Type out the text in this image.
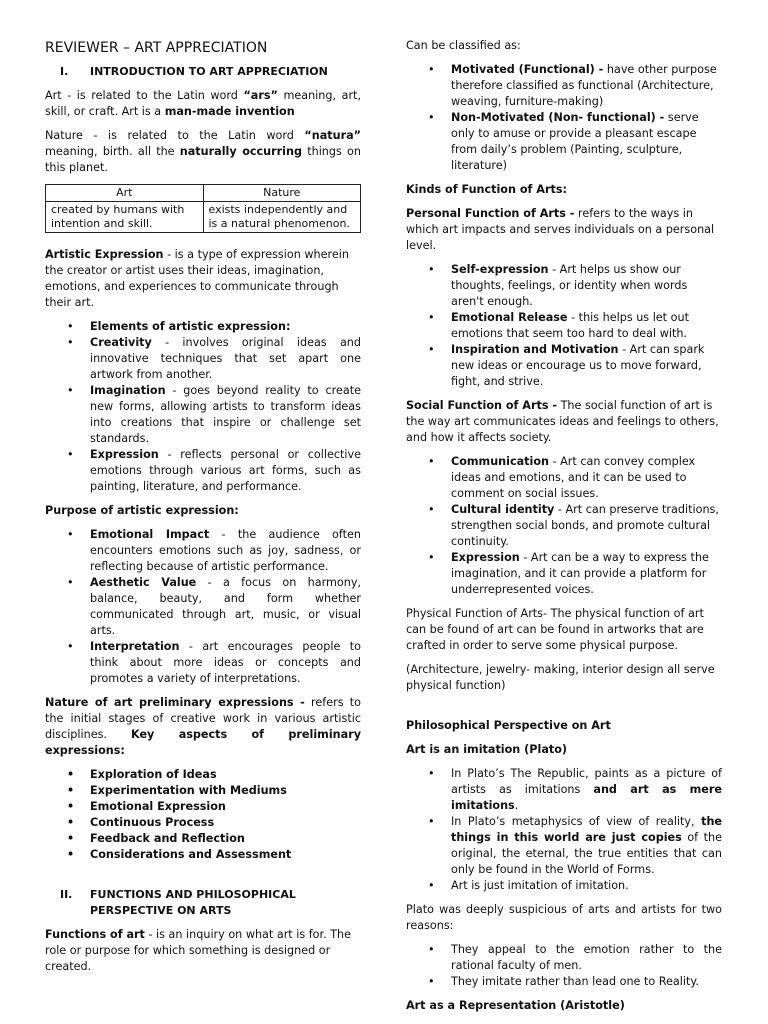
REVIEWER – ART APPRECIATION
I.	INTRODUCTION TO ART APPRECIATION

Art - is related to the Latin word “ars” meaning, art, skill, or craft. Art is a man-made invention

Nature - is related to the Latin word “natura” meaning, birth. all the naturally occurring things on this planet.

Art	Nature
created by humans with intention and skill.	exists independently and is a natural phenomenon.

Artistic Expression - is a type of expression wherein the creator or artist uses their ideas, imagination, emotions, and experiences to communicate through their art.

• Elements of artistic expression:
• Creativity - involves original ideas and innovative techniques that set apart one artwork from another.
• Imagination - goes beyond reality to create new forms, allowing artists to transform ideas into creations that inspire or challenge set standards.
• Expression - reflects personal or collective emotions through various art forms, such as painting, literature, and performance.

Purpose of artistic expression:

• Emotional Impact - the audience often encounters emotions such as joy, sadness, or reflecting because of artistic performance.
• Aesthetic Value - a focus on harmony, balance, beauty, and form whether communicated through art, music, or visual arts.
• Interpretation - art encourages people to think about more ideas or concepts and promotes a variety of interpretations.

Nature of art preliminary expressions - refers to the initial stages of creative work in various artistic disciplines. Key aspects of preliminary expressions:

• Exploration of Ideas
• Experimentation with Mediums
• Emotional Expression
• Continuous Process
• Feedback and Reflection
• Considerations and Assessment
II.	FUNCTIONS AND PHILOSOPHICAL PERSPECTIVE ON ARTS

Functions of art - is an inquiry on what art is for. The role or purpose for which something is designed or created.

Can be classified as:

• Motivated (Functional) - have other purpose therefore classified as functional (Architecture, weaving, furniture-making)
• Non-Motivated (Non- functional) - serve only to amuse or provide a pleasant escape from daily’s problem (Painting, sculpture, literature)

Kinds of Function of Arts:

Personal Function of Arts - refers to the ways in which art impacts and serves individuals on a personal level.

• Self-expression - Art helps us show our thoughts, feelings, or identity when words aren't enough.
• Emotional Release - this helps us let out emotions that seem too hard to deal with.
• Inspiration and Motivation - Art can spark new ideas or encourage us to move forward, fight, and strive.

Social Function of Arts - The social function of art is the way art communicates ideas and feelings to others, and how it affects society.

• Communication - Art can convey complex ideas and emotions, and it can be used to comment on social issues.
• Cultural identity - Art can preserve traditions, strengthen social bonds, and promote cultural continuity.
• Expression - Art can be a way to express the imagination, and it can provide a platform for underrepresented voices.

Physical Function of Arts- The physical function of art can be found of art can be found in artworks that are crafted in order to serve some physical purpose.

(Architecture, jewelry- making, interior design all serve physical function)

Philosophical Perspective on Art

Art is an imitation (Plato)

• In Plato’s The Republic, paints as a picture of artists as imitations and art as mere imitations.
• In Plato’s metaphysics of view of reality, the things in this world are just copies of the original, the eternal, the true entities that can only be found in the World of Forms.
• Art is just imitation of imitation.

Plato was deeply suspicious of arts and artists for two reasons:

• They appeal to the emotion rather to the rational faculty of men.
• They imitate rather than lead one to Reality.

Art as a Representation (Aristotle)
